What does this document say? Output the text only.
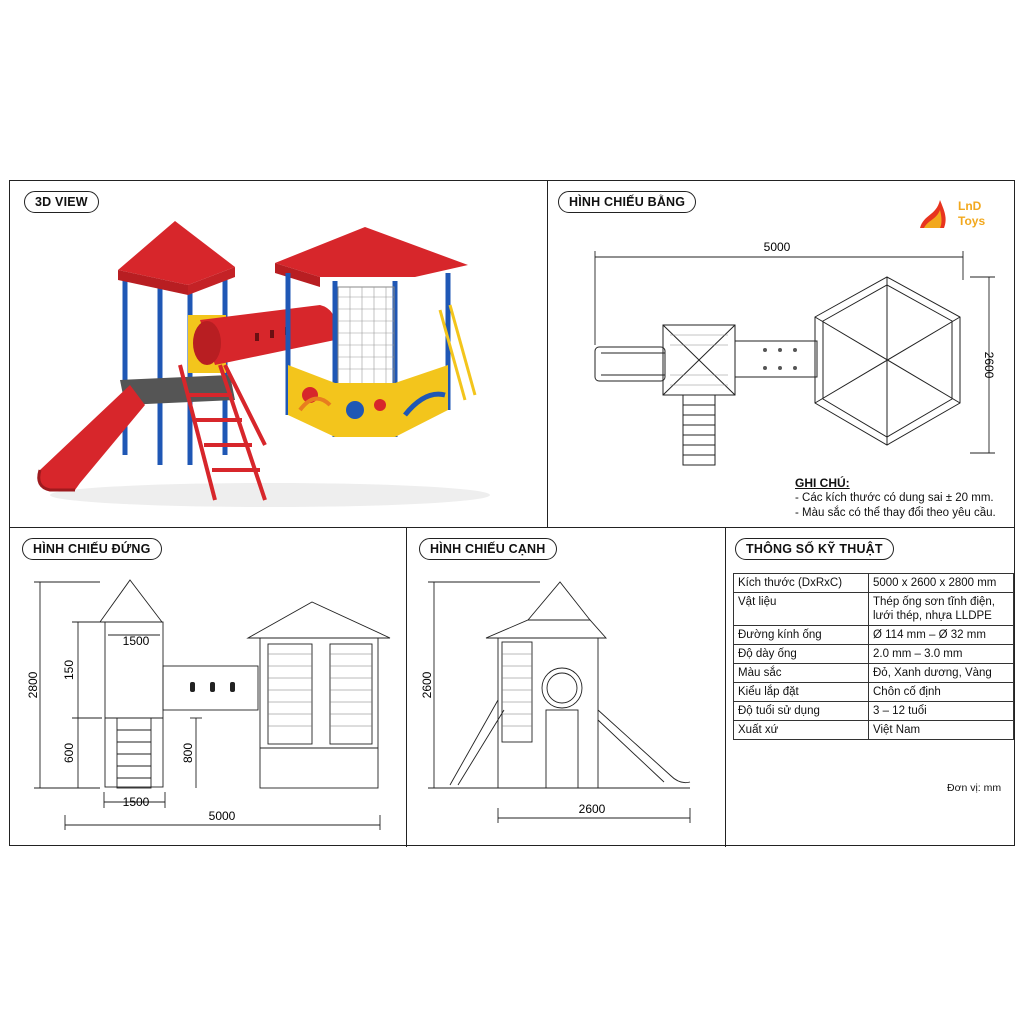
3D VIEW	HÌNH CHIẾU BẰNG
HÌNH CHIẾU ĐỨNG	HÌNH CHIẾU CẠNH	THÔNG SỐ KỸ THUẬT
LnD
Toys
5000
2600
GHI CHÚ:
- Các kích thước có dung sai ± 20 mm.
- Màu sắc có thể thay đổi theo yêu cầu.
2800
150
600	800
1500
1500
5000
2600
2600
Kích thước (DxRxC)	5000 x 2600 x 2800 mm
Vật liệu	Thép ống sơn tĩnh điện, lưới thép, nhựa LLDPE
Đường kính ống	Ø 114 mm – Ø 32 mm
Độ dày ống	2.0 mm – 3.0 mm
Màu sắc	Đỏ, Xanh dương, Vàng
Kiểu lắp đặt	Chôn cố định
Độ tuổi sử dụng	3 – 12 tuổi
Xuất xứ	Việt Nam
Đơn vị: mm
